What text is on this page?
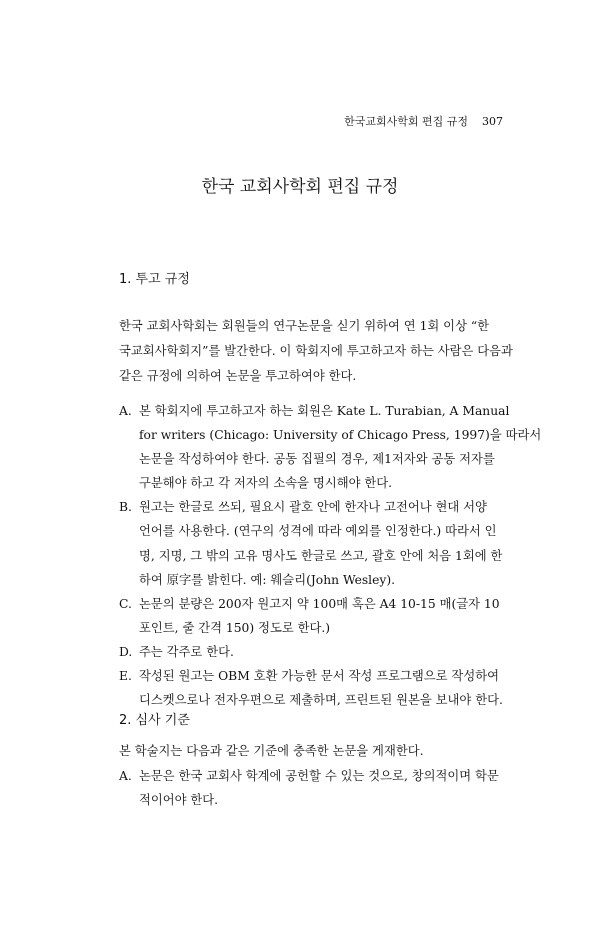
한국교회사학회 편집 규정 307
한국 교회사학회 편집 규정
1. 투고 규정
한국 교회사학회는 회원들의 연구논문을 싣기 위하여 연 1회 이상 “한
국교회사학회지”를 발간한다. 이 학회지에 투고하고자 하는 사람은 다음과
같은 규정에 의하여 논문을 투고하여야 한다.
A. 본 학회지에 투고하고자 하는 회원은 Kate L. Turabian, A Manual
for writers (Chicago: University of Chicago Press, 1997)을 따라서
논문을 작성하여야 한다. 공동 집필의 경우, 제1저자와 공동 저자를
구분해야 하고 각 저자의 소속을 명시해야 한다.
B. 원고는 한글로 쓰되, 필요시 괄호 안에 한자나 고전어나 현대 서양
언어를 사용한다. (연구의 성격에 따라 예외를 인정한다.) 따라서 인
명, 지명, 그 밖의 고유 명사도 한글로 쓰고, 괄호 안에 처음 1회에 한
하여 原字를 밝힌다. 예: 웨슬리(John Wesley).
C. 논문의 분량은 200자 원고지 약 100매 혹은 A4 10-15 매(글자 10
포인트, 줄 간격 150) 정도로 한다.)
D. 주는 각주로 한다.
E. 작성된 원고는 OBM 호환 가능한 문서 작성 프로그램으로 작성하여
디스켓으로나 전자우편으로 제출하며, 프린트된 원본을 보내야 한다.
2. 심사 기준
본 학술지는 다음과 같은 기준에 충족한 논문을 게재한다.
A. 논문은 한국 교회사 학계에 공헌할 수 있는 것으로, 창의적이며 학문
적이어야 한다.
